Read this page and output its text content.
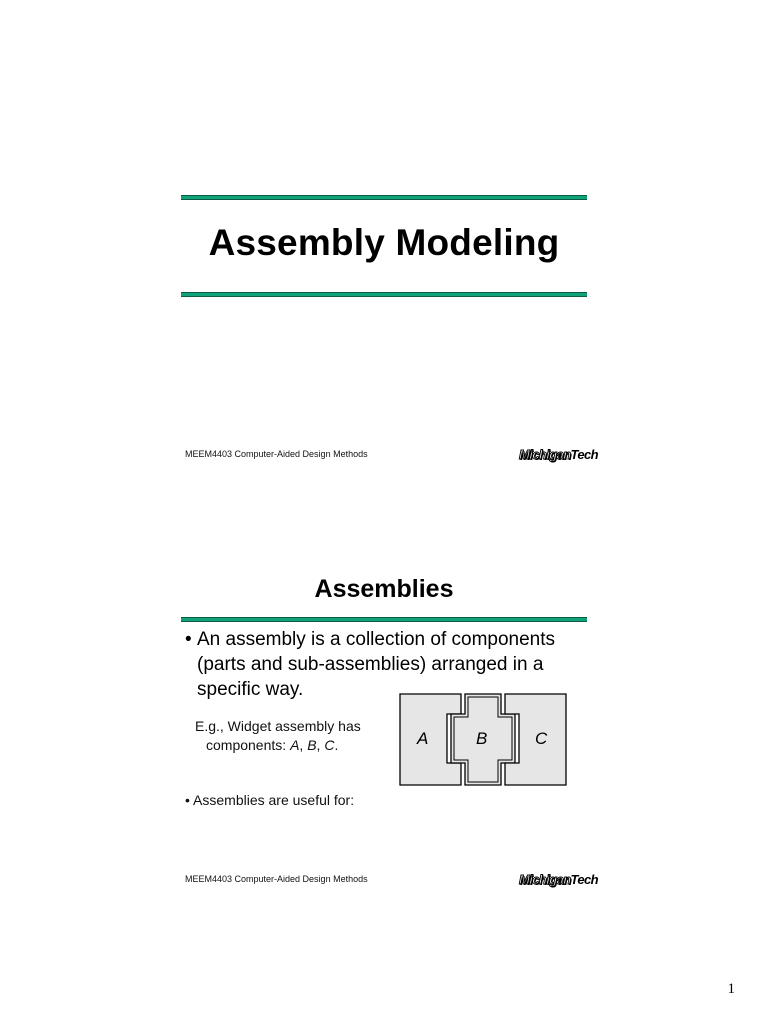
Assembly Modeling
MEEM4403 Computer-Aided Design Methods	MichiganTech
Assemblies
• An assembly is a collection of components
(parts and sub-assemblies) arranged in a
specific way.
E.g., Widget assembly has
components: A, B, C.	A	B	C
• Assemblies are useful for:
MEEM4403 Computer-Aided Design Methods	MichiganTech
1
